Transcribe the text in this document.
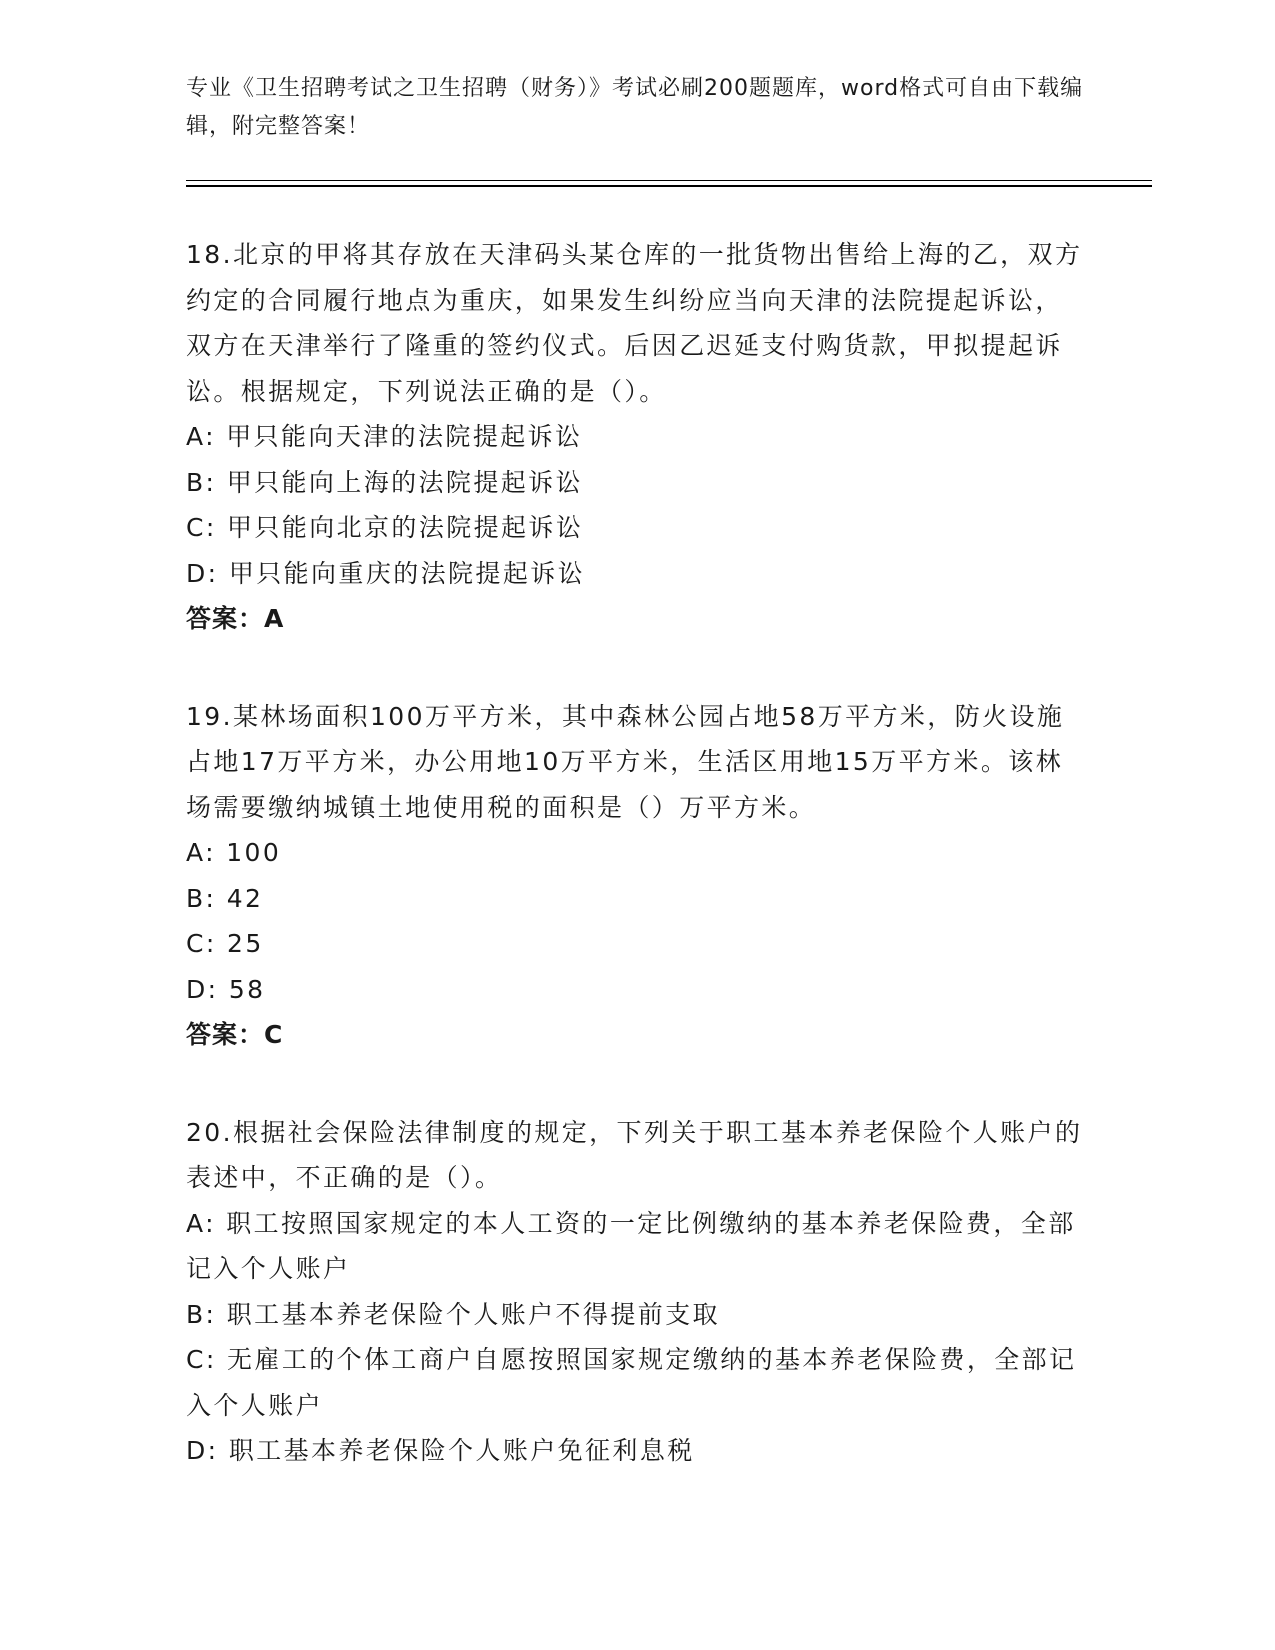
专业《卫生招聘考试之卫生招聘（财务）》考试必刷200题题库，word格式可自由下载编辑，附完整答案！
18.北京的甲将其存放在天津码头某仓库的一批货物出售给上海的乙，双方约定的合同履行地点为重庆，如果发生纠纷应当向天津的法院提起诉讼，双方在天津举行了隆重的签约仪式。后因乙迟延支付购货款，甲拟提起诉讼。根据规定，下列说法正确的是（）。
A: 甲只能向天津的法院提起诉讼
B: 甲只能向上海的法院提起诉讼
C: 甲只能向北京的法院提起诉讼
D: 甲只能向重庆的法院提起诉讼
答案：A
19.某林场面积100万平方米，其中森林公园占地58万平方米，防火设施占地17万平方米，办公用地10万平方米，生活区用地15万平方米。该林场需要缴纳城镇土地使用税的面积是（）万平方米。
A: 100
B: 42
C: 25
D: 58
答案：C
20.根据社会保险法律制度的规定，下列关于职工基本养老保险个人账户的表述中，不正确的是（）。
A: 职工按照国家规定的本人工资的一定比例缴纳的基本养老保险费，全部记入个人账户
B: 职工基本养老保险个人账户不得提前支取
C: 无雇工的个体工商户自愿按照国家规定缴纳的基本养老保险费，全部记入个人账户
D: 职工基本养老保险个人账户免征利息税
